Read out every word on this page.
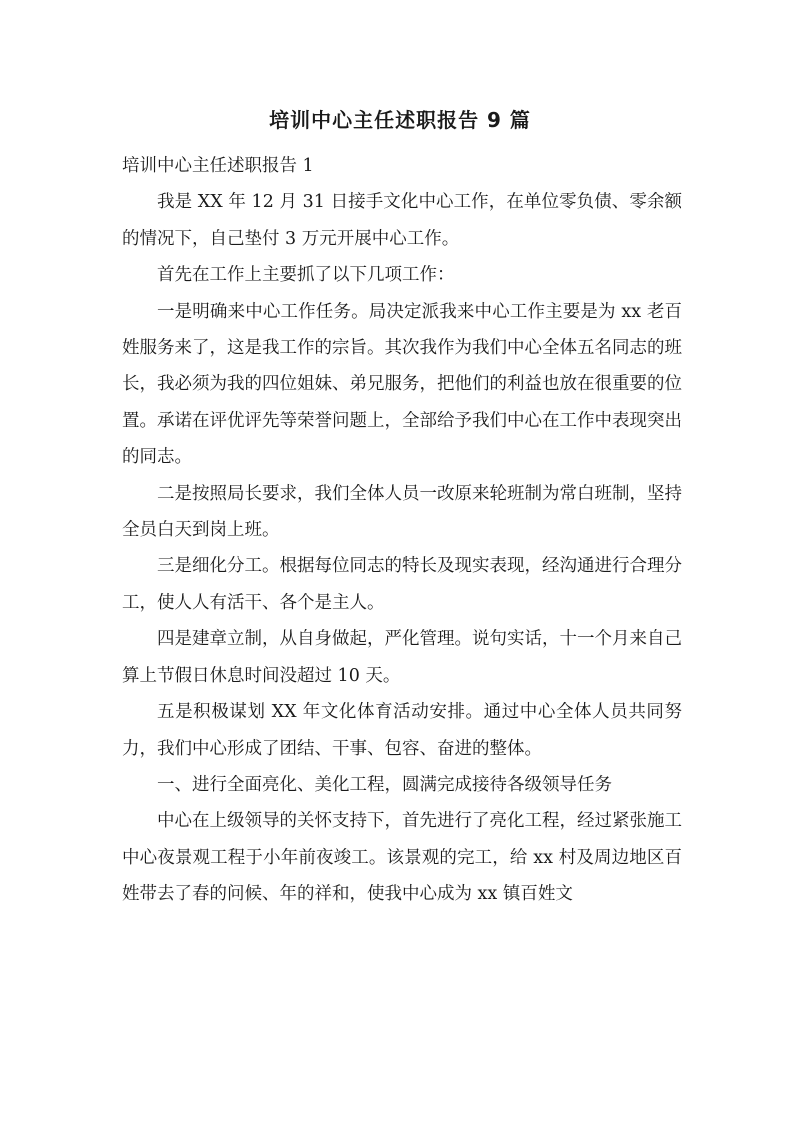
培训中心主任述职报告 9 篇

培训中心主任述职报告 1

我是 XX 年 12 月 31 日接手文化中心工作，在单位零负债、零余额的情况下，自己垫付 3 万元开展中心工作。

首先在工作上主要抓了以下几项工作：

一是明确来中心工作任务。局决定派我来中心工作主要是为 xx 老百姓服务来了，这是我工作的宗旨。其次我作为我们中心全体五名同志的班长，我必须为我的四位姐妹、弟兄服务，把他们的利益也放在很重要的位置。承诺在评优评先等荣誉问题上，全部给予我们中心在工作中表现突出的同志。

二是按照局长要求，我们全体人员一改原来轮班制为常白班制，坚持全员白天到岗上班。

三是细化分工。根据每位同志的特长及现实表现，经沟通进行合理分工，使人人有活干、各个是主人。

四是建章立制，从自身做起，严化管理。说句实话，十一个月来自己算上节假日休息时间没超过 10 天。

五是积极谋划 XX 年文化体育活动安排。通过中心全体人员共同努力，我们中心形成了团结、干事、包容、奋进的整体。

一、进行全面亮化、美化工程，圆满完成接待各级领导任务

中心在上级领导的关怀支持下，首先进行了亮化工程，经过紧张施工中心夜景观工程于小年前夜竣工。该景观的完工，给 xx 村及周边地区百姓带去了春的问候、年的祥和，使我中心成为 xx 镇百姓文
